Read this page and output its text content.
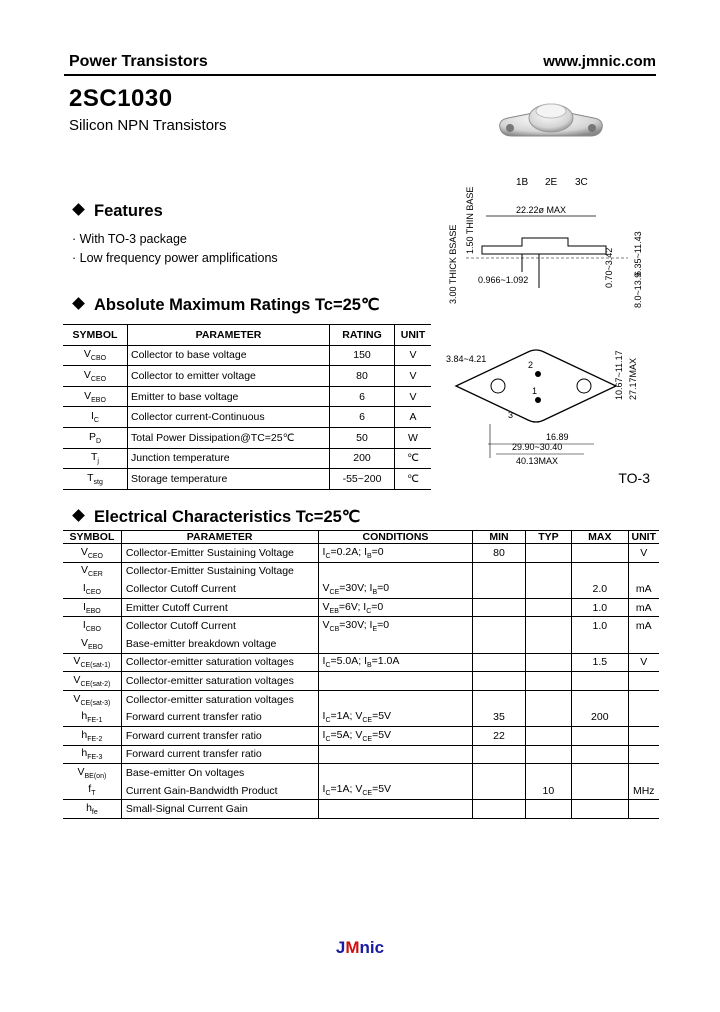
Power Transistors	www.jmnic.com
2SC1030
Silicon NPN Transistors
Features
· With TO-3 package
· Low frequency power amplifications
Absolute Maximum Ratings Tc=25℃
SYMBOL	PARAMETER	RATING	UNIT
$V_{CBO}$	Collector to base voltage	150	V
$V_{CEO}$	Collector to emitter voltage	80	V
$V_{EBO}$	Emitter to base voltage	6	V
$I_C$	Collector current-Continuous	6	A
$P_D$	Total Power Dissipation@TC=25℃	50	W
$T_j$	Junction temperature	200	℃
$T_{stg}$	Storage temperature	-55~200	℃
Electrical Characteristics Tc=25℃
SYMBOL	PARAMETER	CONDITIONS	MIN	TYP	MAX	UNIT
$V_{CEO}$	Collector-Emitter Sustaining Voltage	$I_C=0.2A$; $I_B=0$	80			V
$V_{CER}$	Collector-Emitter Sustaining Voltage					
$I_{CEO}$	Collector Cutoff Current	$V_{CE}=30V$; $I_B=0$			2.0	mA
$I_{EBO}$	Emitter Cutoff Current	$V_{EB}=6V$; $I_C=0$			1.0	mA
$I_{CBO}$	Collector Cutoff Current	$V_{CB}=30V$; $I_E=0$			1.0	mA
$V_{EBO}$	Base-emitter breakdown voltage					
$V_{CE(sat-1)}$	Collector-emitter saturation voltages	$I_C=5.0A$; $I_B=1.0A$			1.5	V
$V_{CE(sat-2)}$	Collector-emitter saturation voltages					
$V_{CE(sat-3)}$	Collector-emitter saturation voltages					
$h_{FE-1}$	Forward current transfer ratio	$I_C=1A$; $V_{CE}=5V$	35		200	
$h_{FE-2}$	Forward current transfer ratio	$I_C=5A$; $V_{CE}=5V$	22			
$h_{FE-3}$	Forward current transfer ratio					
$V_{BE(on)}$	Base-emitter On voltages					
$f_T$	Current Gain-Bandwidth Product	$I_C=1A$; $V_{CE}=5V$		10		MHz
$h_{fe}$	Small-Signal Current Gain					
1B 2E 3C
3.00 THICK BSASE
1.50 THIN BASE	22.22ø MAX
6.35~11.43
0.966~1.092	0.70~3.42
8.0~13.9
3.84~4.21
2
1
3
10.67~11.17 27.17MAX
16.89
29.90~30.40
40.13MAX
TO-3
JMnic
